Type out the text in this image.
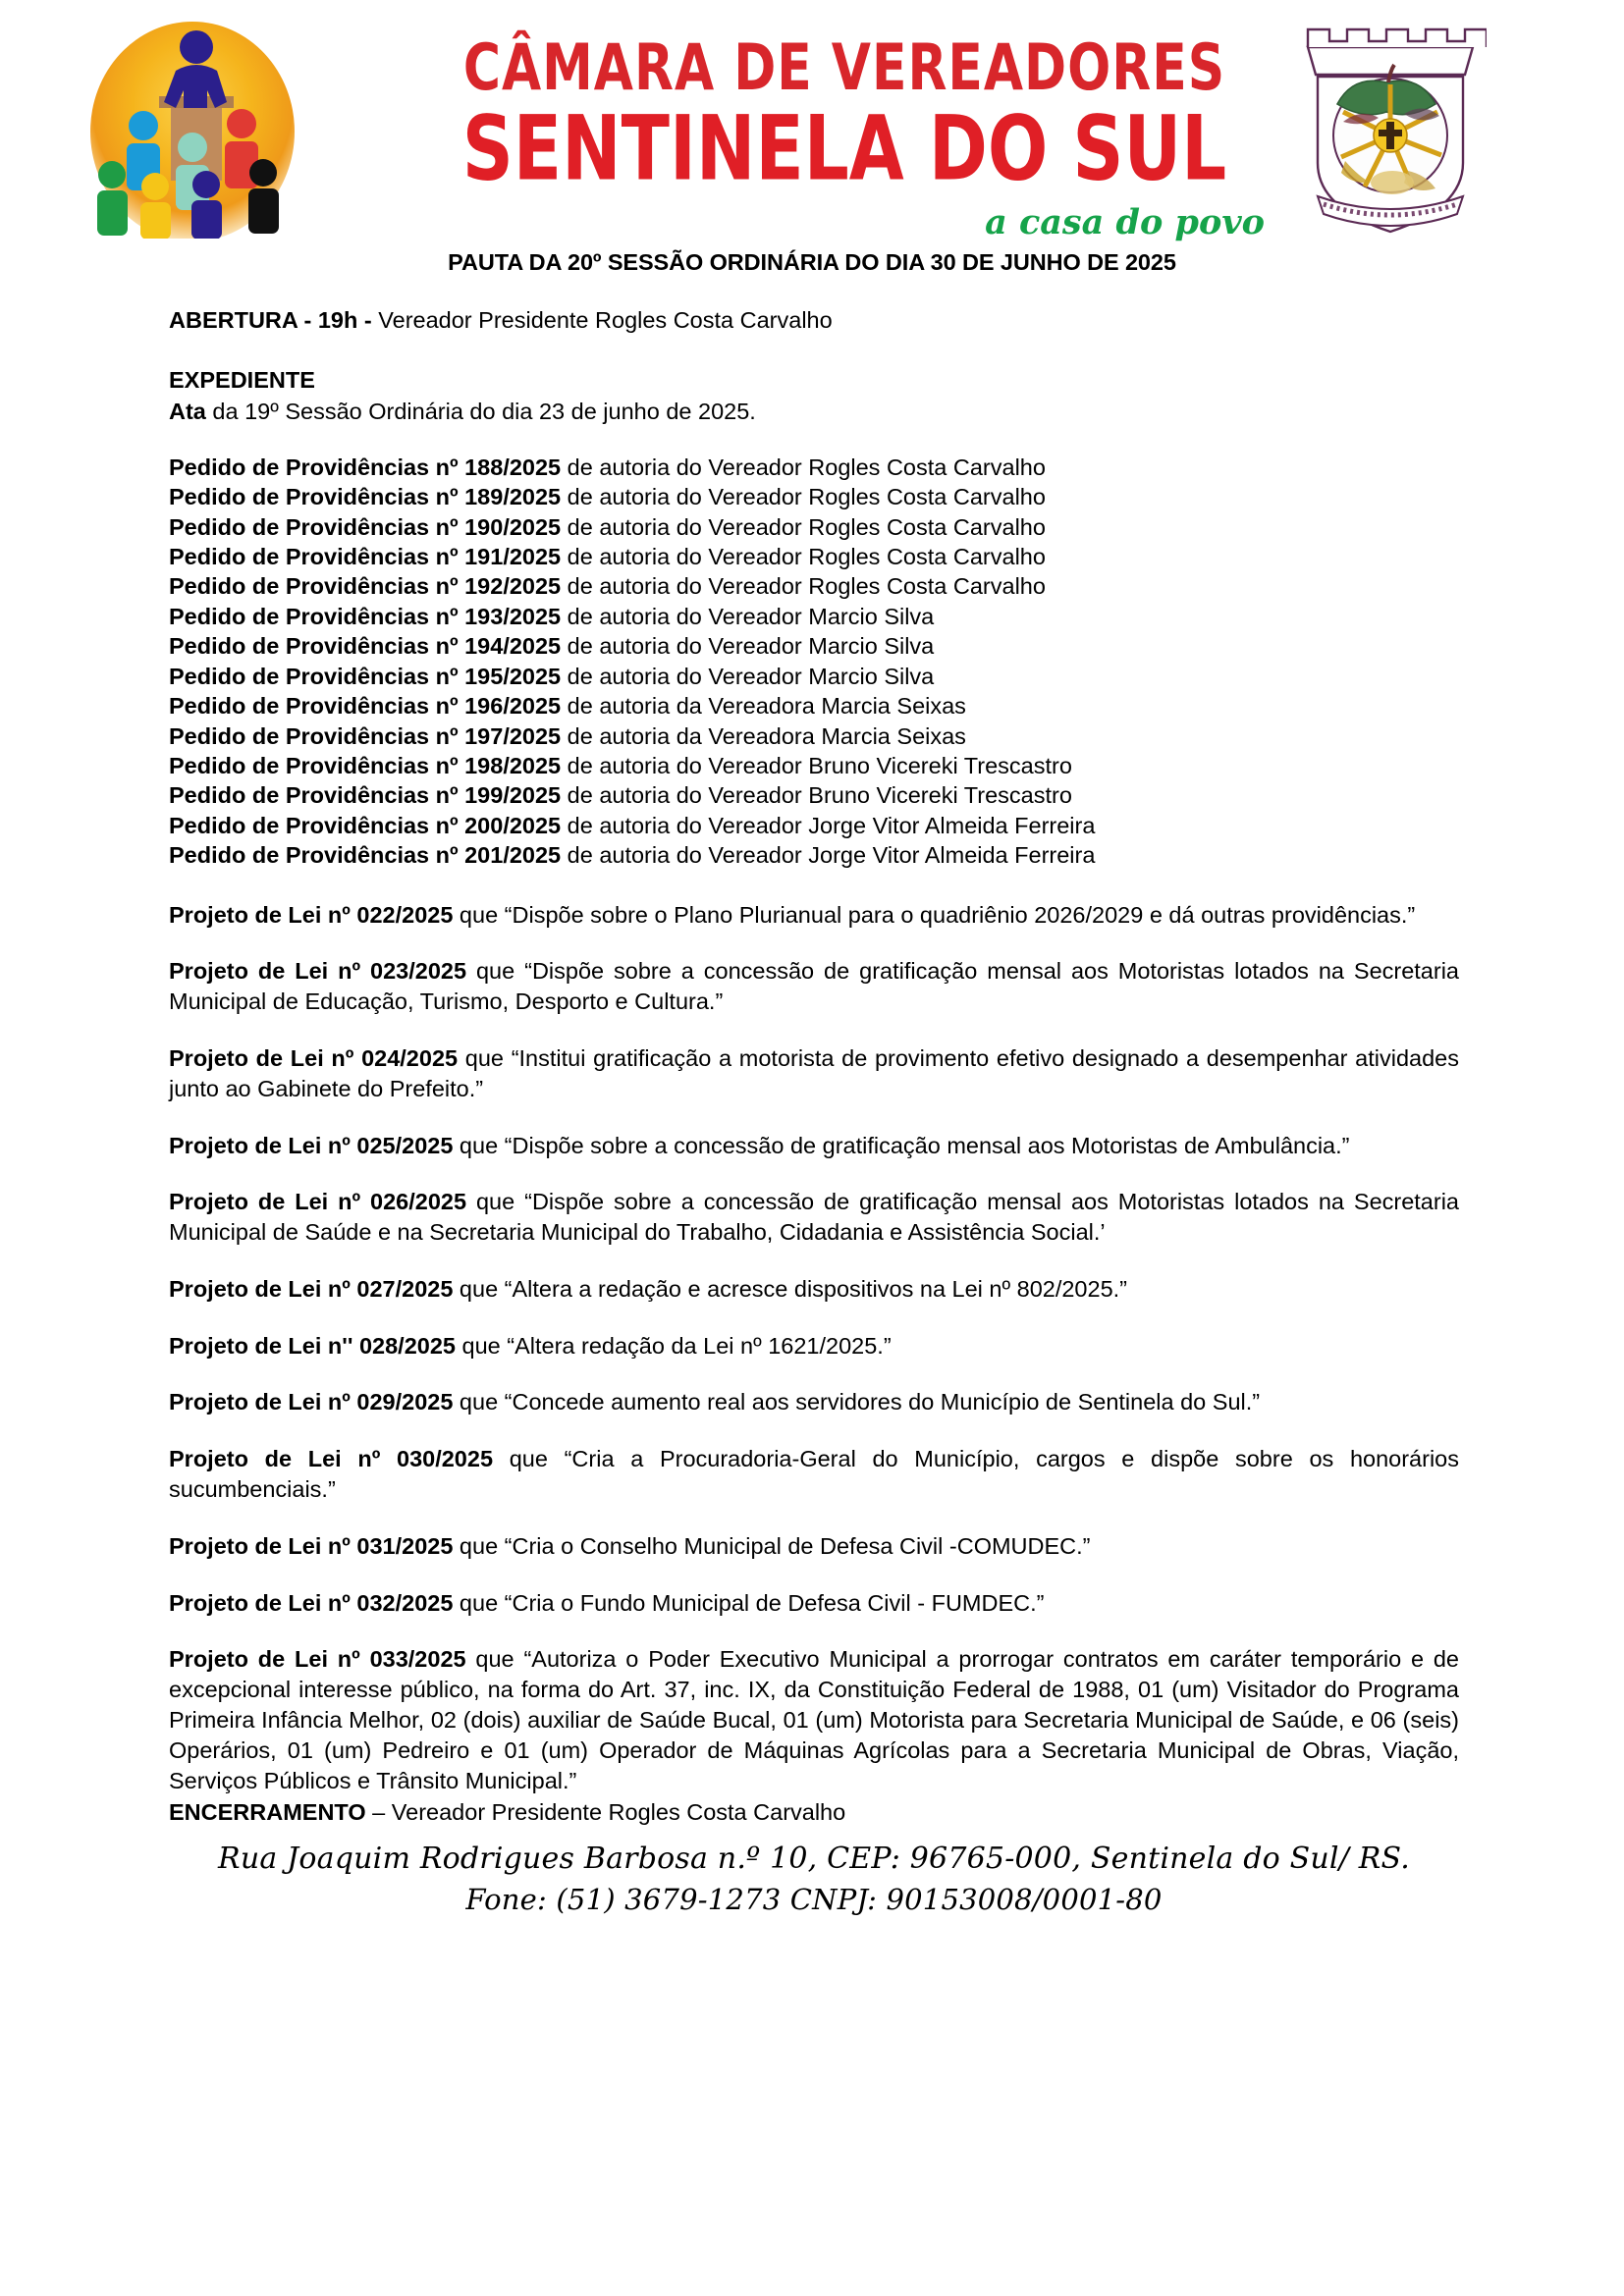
CÂMARA DE VEREADORES
SENTINELA DO SUL
a casa do povo
PAUTA DA 20º SESSÃO ORDINÁRIA DO DIA 30 DE JUNHO DE 2025

ABERTURA - 19h - Vereador Presidente Rogles Costa Carvalho

EXPEDIENTE

Ata da 19º Sessão Ordinária do dia 23 de junho de 2025.

Pedido de Providências nº 188/2025 de autoria do Vereador Rogles Costa Carvalho

Pedido de Providências nº 189/2025 de autoria do Vereador Rogles Costa Carvalho

Pedido de Providências nº 190/2025 de autoria do Vereador Rogles Costa Carvalho

Pedido de Providências nº 191/2025 de autoria do Vereador Rogles Costa Carvalho

Pedido de Providências nº 192/2025 de autoria do Vereador Rogles Costa Carvalho

Pedido de Providências nº 193/2025 de autoria do Vereador Marcio Silva

Pedido de Providências nº 194/2025 de autoria do Vereador Marcio Silva

Pedido de Providências nº 195/2025 de autoria do Vereador Marcio Silva

Pedido de Providências nº 196/2025 de autoria da Vereadora Marcia Seixas

Pedido de Providências nº 197/2025 de autoria da Vereadora Marcia Seixas

Pedido de Providências nº 198/2025 de autoria do Vereador Bruno Vicereki Trescastro

Pedido de Providências nº 199/2025 de autoria do Vereador Bruno Vicereki Trescastro

Pedido de Providências nº 200/2025 de autoria do Vereador Jorge Vitor Almeida Ferreira

Pedido de Providências nº 201/2025 de autoria do Vereador Jorge Vitor Almeida Ferreira

Projeto de Lei nº 022/2025 que “Dispõe sobre o Plano Plurianual para o quadriênio 2026/2029 e dá outras providências.”

Projeto de Lei nº 023/2025 que “Dispõe sobre a concessão de gratificação mensal aos Motoristas lotados na Secretaria Municipal de Educação, Turismo, Desporto e Cultura.”

Projeto de Lei nº 024/2025 que “Institui gratificação a motorista de provimento efetivo designado a desempenhar atividades junto ao Gabinete do Prefeito.”

Projeto de Lei nº 025/2025 que “Dispõe sobre a concessão de gratificação mensal aos Motoristas de Ambulância.”

Projeto de Lei nº 026/2025 que “Dispõe sobre a concessão de gratificação mensal aos Motoristas lotados na Secretaria Municipal de Saúde e na Secretaria Municipal do Trabalho, Cidadania e Assistência Social.’

Projeto de Lei nº 027/2025 que “Altera a redação e acresce dispositivos na Lei nº 802/2025.”

Projeto de Lei n'' 028/2025 que “Altera redação da Lei nº 1621/2025.”

Projeto de Lei nº 029/2025 que “Concede aumento real aos servidores do Município de Sentinela do Sul.”

Projeto de Lei nº 030/2025 que “Cria a Procuradoria-Geral do Município, cargos e dispõe sobre os honorários sucumbenciais.”

Projeto de Lei nº 031/2025 que “Cria o Conselho Municipal de Defesa Civil -COMUDEC.”

Projeto de Lei nº 032/2025 que “Cria o Fundo Municipal de Defesa Civil - FUMDEC.”

Projeto de Lei nº 033/2025 que “Autoriza o Poder Executivo Municipal a prorrogar contratos em caráter temporário e de excepcional interesse público, na forma do Art. 37, inc. IX, da Constituição Federal de 1988, 01 (um) Visitador do Programa Primeira Infância Melhor, 02 (dois) auxiliar de Saúde Bucal, 01 (um) Motorista para Secretaria Municipal de Saúde, e 06 (seis) Operários, 01 (um) Pedreiro e 01 (um) Operador de Máquinas Agrícolas para a Secretaria Municipal de Obras, Viação, Serviços Públicos e Trânsito Municipal.”

ENCERRAMENTO – Vereador Presidente Rogles Costa Carvalho

Rua Joaquim Rodrigues Barbosa n.º 10, CEP: 96765-000, Sentinela do Sul/ RS.
Fone: (51) 3679-1273 CNPJ: 90153008/0001-80
